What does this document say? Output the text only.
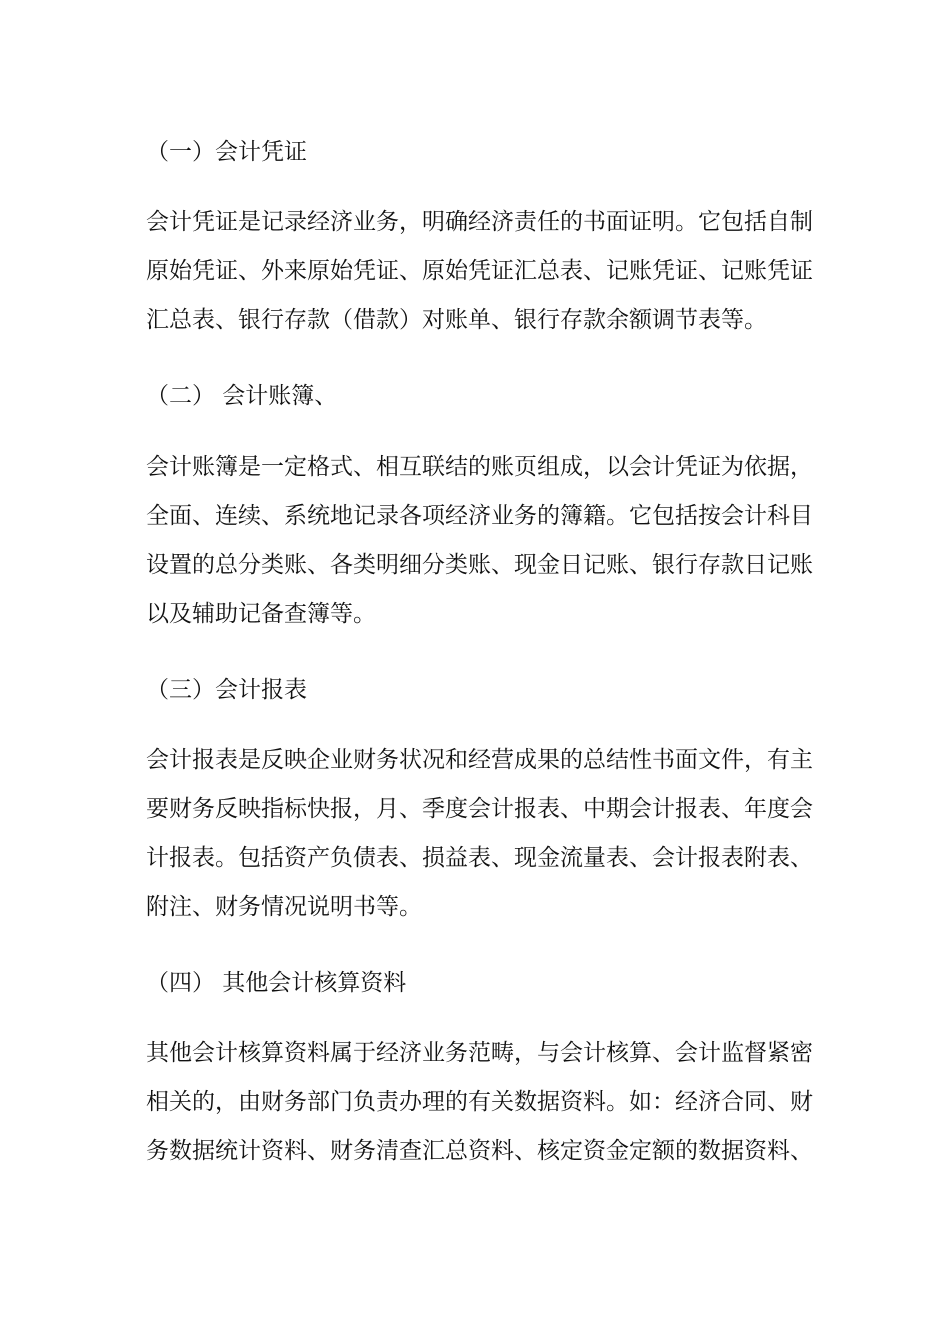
（一）会计凭证
会计凭证是记录经济业务，明确经济责任的书面证明。它包括自制
原始凭证、外来原始凭证、原始凭证汇总表、记账凭证、记账凭证
汇总表、银行存款（借款）对账单、银行存款余额调节表等。
（二） 会计账簿、
会计账簿是一定格式、相互联结的账页组成，以会计凭证为依据，
全面、连续、系统地记录各项经济业务的簿籍。它包括按会计科目
设置的总分类账、各类明细分类账、现金日记账、银行存款日记账
以及辅助记备查簿等。
（三）会计报表
会计报表是反映企业财务状况和经营成果的总结性书面文件，有主
要财务反映指标快报，月、季度会计报表、中期会计报表、年度会
计报表。包括资产负债表、损益表、现金流量表、会计报表附表、
附注、财务情况说明书等。
（四） 其他会计核算资料
其他会计核算资料属于经济业务范畴，与会计核算、会计监督紧密
相关的，由财务部门负责办理的有关数据资料。如：经济合同、财
务数据统计资料、财务清查汇总资料、核定资金定额的数据资料、
